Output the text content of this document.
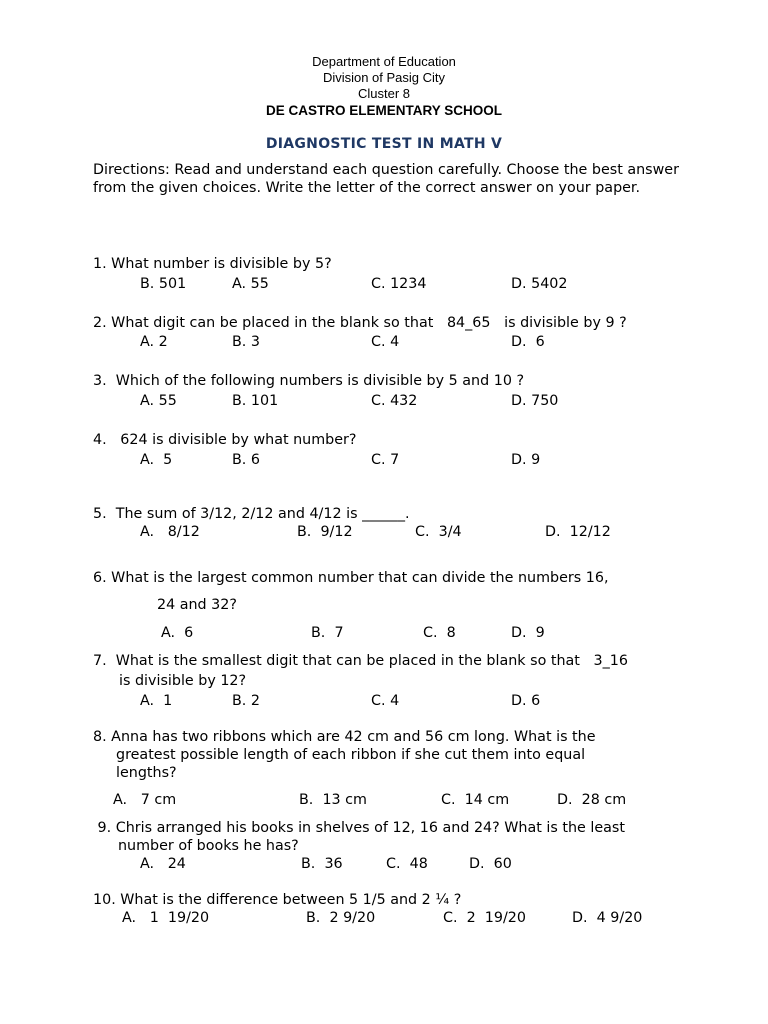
Department of Education
Division of Pasig City
Cluster 8
DE CASTRO ELEMENTARY SCHOOL
DIAGNOSTIC TEST IN MATH V
Directions: Read and understand each question carefully. Choose the best answer from the given choices. Write the letter of the correct answer on your paper.
1. What number is divisible by 5?
B. 501	A. 55	C. 1234	D. 5402
2. What digit can be placed in the blank so that   84_65   is divisible by 9 ?
A. 2	B. 3	C. 4	D.  6
3.  Which of the following numbers is divisible by 5 and 10 ?
A. 55	B. 101	C. 432	D. 750
4.   624 is divisible by what number?
A.  5	B. 6	C. 7	D. 9
5.  The sum of 3/12, 2/12 and 4/12 is ______.
A.   8/12	B.  9/12	C.  3/4	D.  12/12
6. What is the largest common number that can divide the numbers 16,
24 and 32?
A.  6	B.  7	C.  8	D.  9
7.  What is the smallest digit that can be placed in the blank so that   3_16
is divisible by 12?
A.  1	B. 2	C. 4	D. 6
8. Anna has two ribbons which are 42 cm and 56 cm long. What is the
greatest possible length of each ribbon if she cut them into equal
lengths?
A.   7 cm	B.  13 cm	C.  14 cm	D.  28 cm
9. Chris arranged his books in shelves of 12, 16 and 24? What is the least
number of books he has?
A.   24	B.  36	C.  48	D.  60
10. What is the difference between 5 1/5 and 2 ¼ ?
A.   1  19/20	B.  2 9/20	C.  2  19/20	D.  4 9/20
